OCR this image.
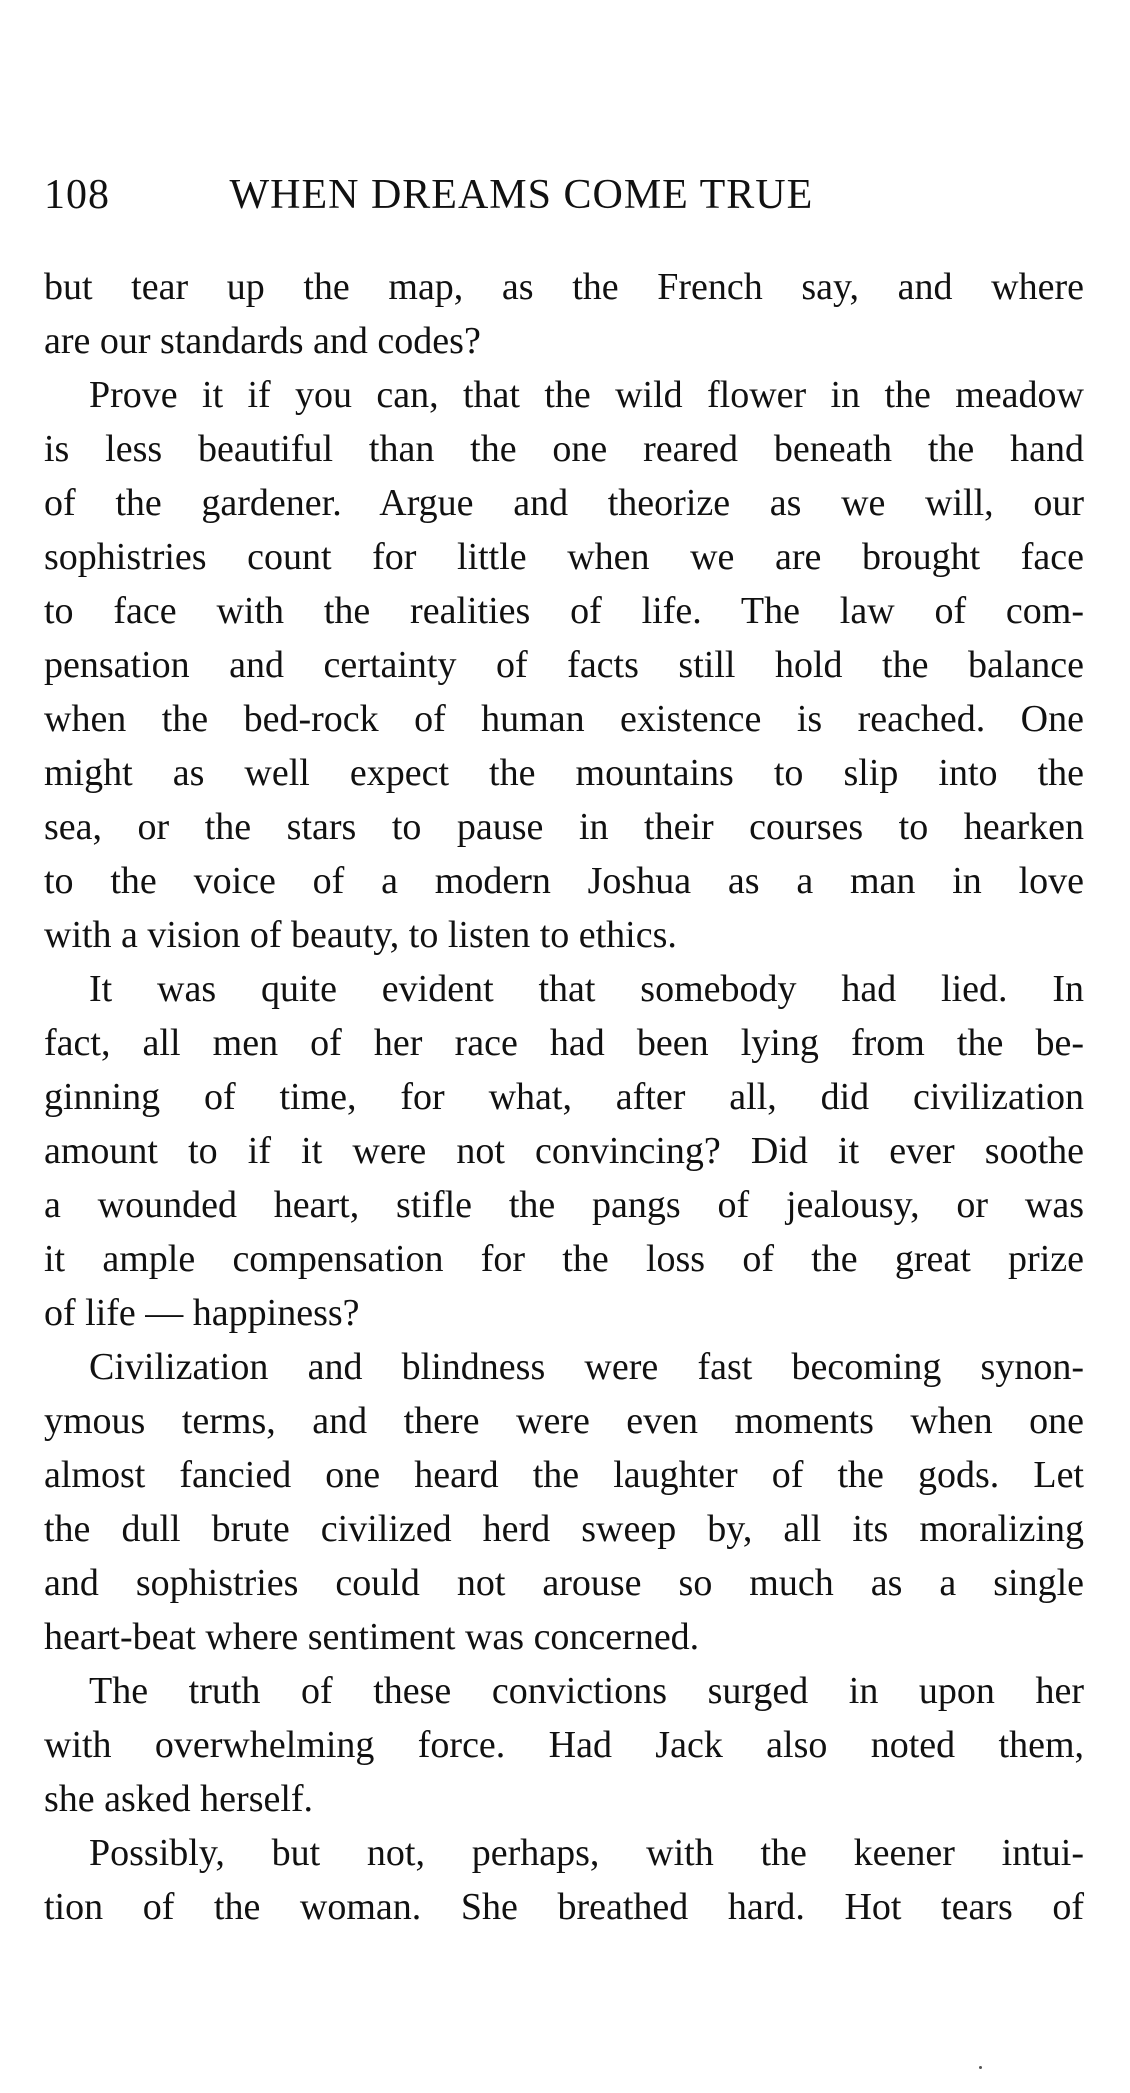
108	WHEN DREAMS COME TRUE
but tear up the map, as the French say, and where
are our standards and codes?
Prove it if you can, that the wild flower in the meadow
is less beautiful than the one reared beneath the hand
of the gardener. Argue and theorize as we will, our
sophistries count for little when we are brought face
to face with the realities of life. The law of com-
pensation and certainty of facts still hold the balance
when the bed-rock of human existence is reached. One
might as well expect the mountains to slip into the
sea, or the stars to pause in their courses to hearken
to the voice of a modern Joshua as a man in love
with a vision of beauty, to listen to ethics.
It was quite evident that somebody had lied. In
fact, all men of her race had been lying from the be-
ginning of time, for what, after all, did civilization
amount to if it were not convincing? Did it ever soothe
a wounded heart, stifle the pangs of jealousy, or was
it ample compensation for the loss of the great prize
of life — happiness?
Civilization and blindness were fast becoming synon-
ymous terms, and there were even moments when one
almost fancied one heard the laughter of the gods. Let
the dull brute civilized herd sweep by, all its moralizing
and sophistries could not arouse so much as a single
heart-beat where sentiment was concerned.
The truth of these convictions surged in upon her
with overwhelming force. Had Jack also noted them,
she asked herself.
Possibly, but not, perhaps, with the keener intui-
tion of the woman. She breathed hard. Hot tears of
